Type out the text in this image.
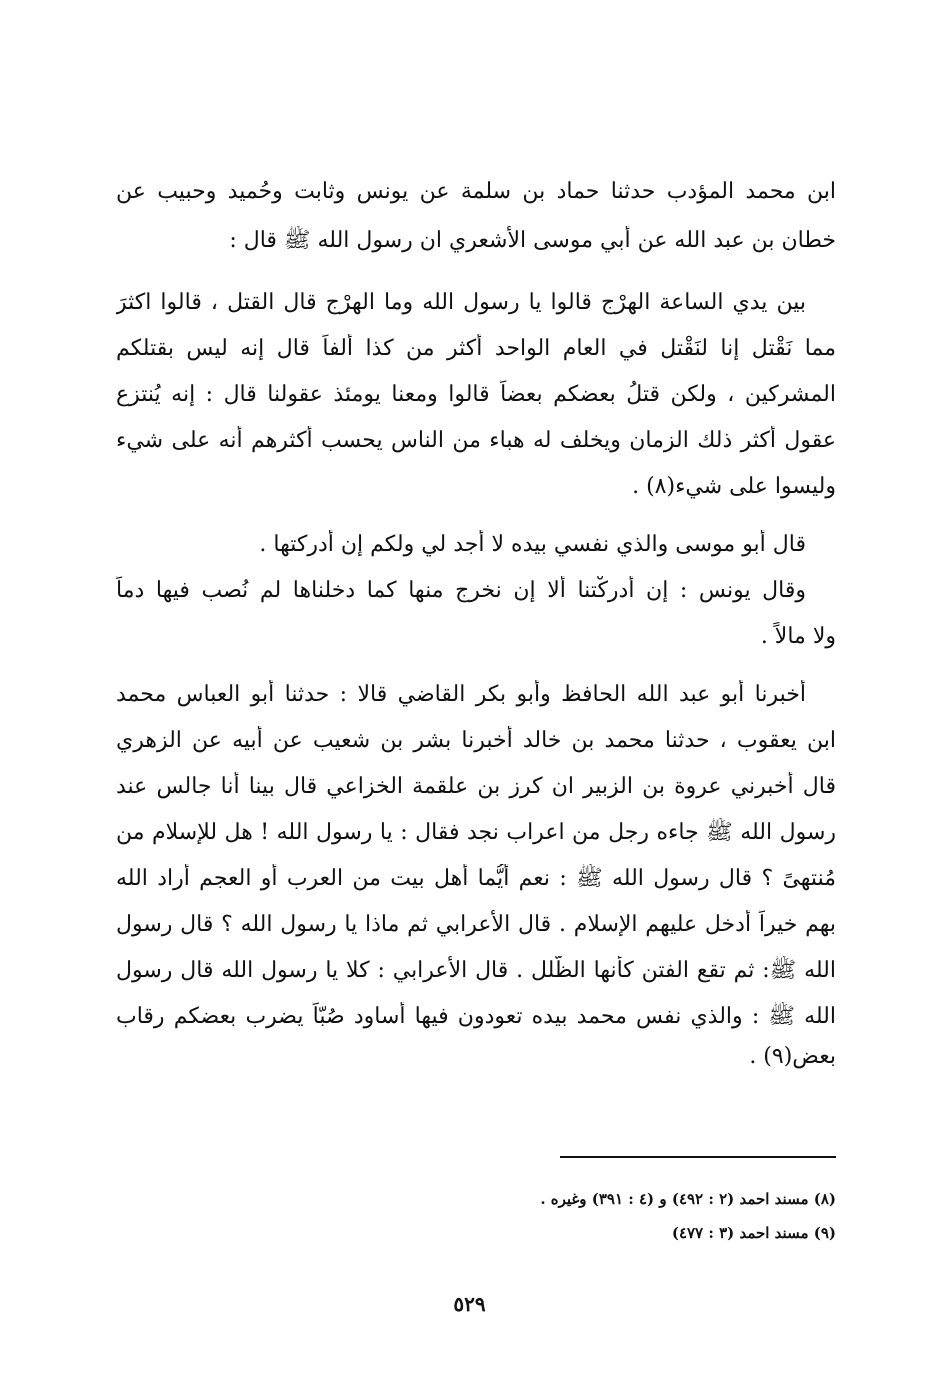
ابن محمد المؤدب حدثنا حماد بن سلمة عن يونس وثابت وحُميد وحبيب عن
خطان بن عبد الله عن أبي موسى الأشعري ان رسول الله ﷺ قال :
بين يدي الساعة الهرْج قالوا يا رسول الله وما الهرْج قال القتل ، قالوا اكثرَ
مما نَقْتل إنا لنَقْتل في العام الواحد أكثر من كذا ألفاً قال إنه ليس بقتلكم
المشركين ، ولكن قتلُ بعضكم بعضاً قالوا ومعنا يومئذ عقولنا قال : إنه يُنتزع
عقول أكثر ذلك الزمان ويخلف له هباء من الناس يحسب أكثرهم أنه على شيء
وليسوا على شيء(٨) .
قال أبو موسى والذي نفسي بيده لا أجد لي ولكم إن أدركتها .
وقال يونس : إن أدركْتنا ألا إن نخرج منها كما دخلناها لم نُصب فيها دماً
ولا مالاً .
أخبرنا أبو عبد الله الحافظ وأبو بكر القاضي قالا : حدثنا أبو العباس محمد
ابن يعقوب ، حدثنا محمد بن خالد أخبرنا بشر بن شعيب عن أبيه عن الزهري
قال أخبرني عروة بن الزبير ان كرز بن علقمة الخزاعي قال بينا أنا جالس عند
رسول الله ﷺ جاءه رجل من اعراب نجد فقال : يا رسول الله ! هل للإسلام من
مُنتهىً ؟ قال رسول الله ﷺ : نعم أيُّما أهل بيت من العرب أو العجم أراد الله
بهم خيراً أدخل عليهم الإسلام . قال الأعرابي ثم ماذا يا رسول الله ؟ قال رسول
الله ﷺ: ثم تقع الفتن كأنها الظُّلل . قال الأعرابي : كلا يا رسول الله قال رسول
الله ﷺ : والذي نفس محمد بيده تعودون فيها أساود صُبّاً يضرب بعضكم رقاب
بعض(٩) .
(٨) مسند احمد (٢ : ٤٩٢) و (٤ : ٣٩١) وغيره .
(٩) مسند احمد (٣ : ٤٧٧)
٥٢٩
